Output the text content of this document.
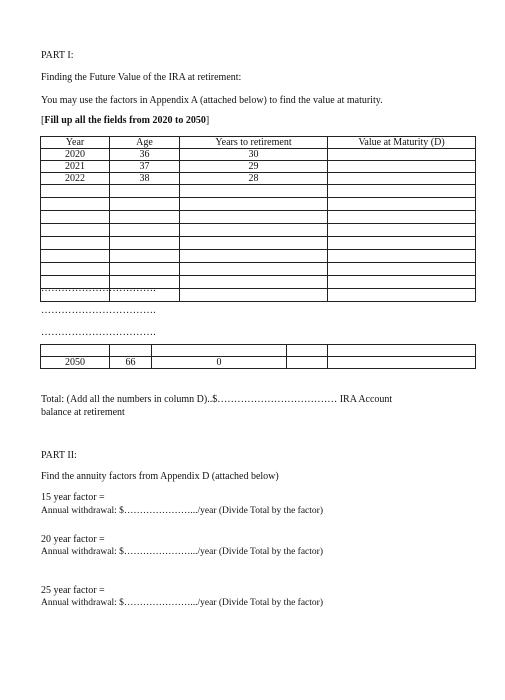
PART I:
Finding the Future Value of the IRA at retirement:
You may use the factors in Appendix A (attached below) to find the value at maturity.
[Fill up all the fields from 2020 to 2050]
Year	Age	Years to retirement	Value at Maturity (D)
2020	36	30	
2021	37	29	
2022	38	28	

…………………………….
…………………………….
…………………………….

2050	66	0		
Total: (Add all the numbers in column D)..$……………………………… IRA Account
balance at retirement
PART II:
Find the annuity factors from Appendix D (attached below)
15 year factor =
Annual withdrawal: $………………….../year (Divide Total by the factor)
20 year factor =
Annual withdrawal: $………………….../year (Divide Total by the factor)
25 year factor =
Annual withdrawal: $………………….../year (Divide Total by the factor)
